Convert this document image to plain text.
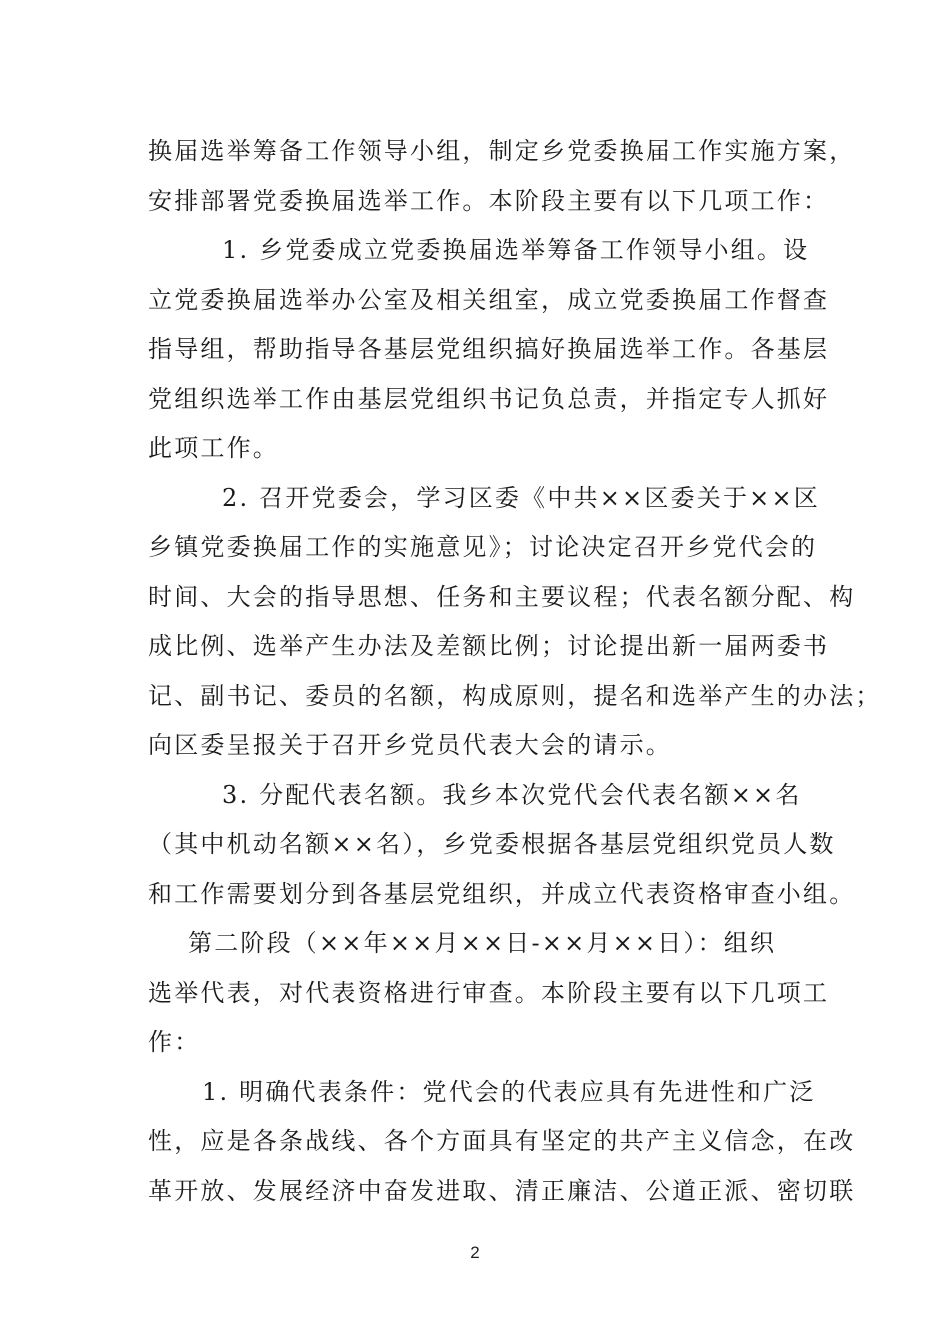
换届选举筹备工作领导小组，制定乡党委换届工作实施方案，
安排部署党委换届选举工作。本阶段主要有以下几项工作：
1. 乡党委成立党委换届选举筹备工作领导小组。设
立党委换届选举办公室及相关组室，成立党委换届工作督查
指导组，帮助指导各基层党组织搞好换届选举工作。各基层
党组织选举工作由基层党组织书记负总责，并指定专人抓好
此项工作。
2. 召开党委会，学习区委《中共××区委关于××区
乡镇党委换届工作的实施意见》；讨论决定召开乡党代会的
时间、大会的指导思想、任务和主要议程；代表名额分配、构
成比例、选举产生办法及差额比例；讨论提出新一届两委书
记、副书记、委员的名额，构成原则，提名和选举产生的办法；
向区委呈报关于召开乡党员代表大会的请示。
3. 分配代表名额。我乡本次党代会代表名额××名
（其中机动名额××名），乡党委根据各基层党组织党员人数
和工作需要划分到各基层党组织，并成立代表资格审查小组。
第二阶段（××年××月××日-××月××日）：组织
选举代表，对代表资格进行审查。本阶段主要有以下几项工
作：
1. 明确代表条件：党代会的代表应具有先进性和广泛
性，应是各条战线、各个方面具有坚定的共产主义信念，在改
革开放、发展经济中奋发进取、清正廉洁、公道正派、密切联
2
